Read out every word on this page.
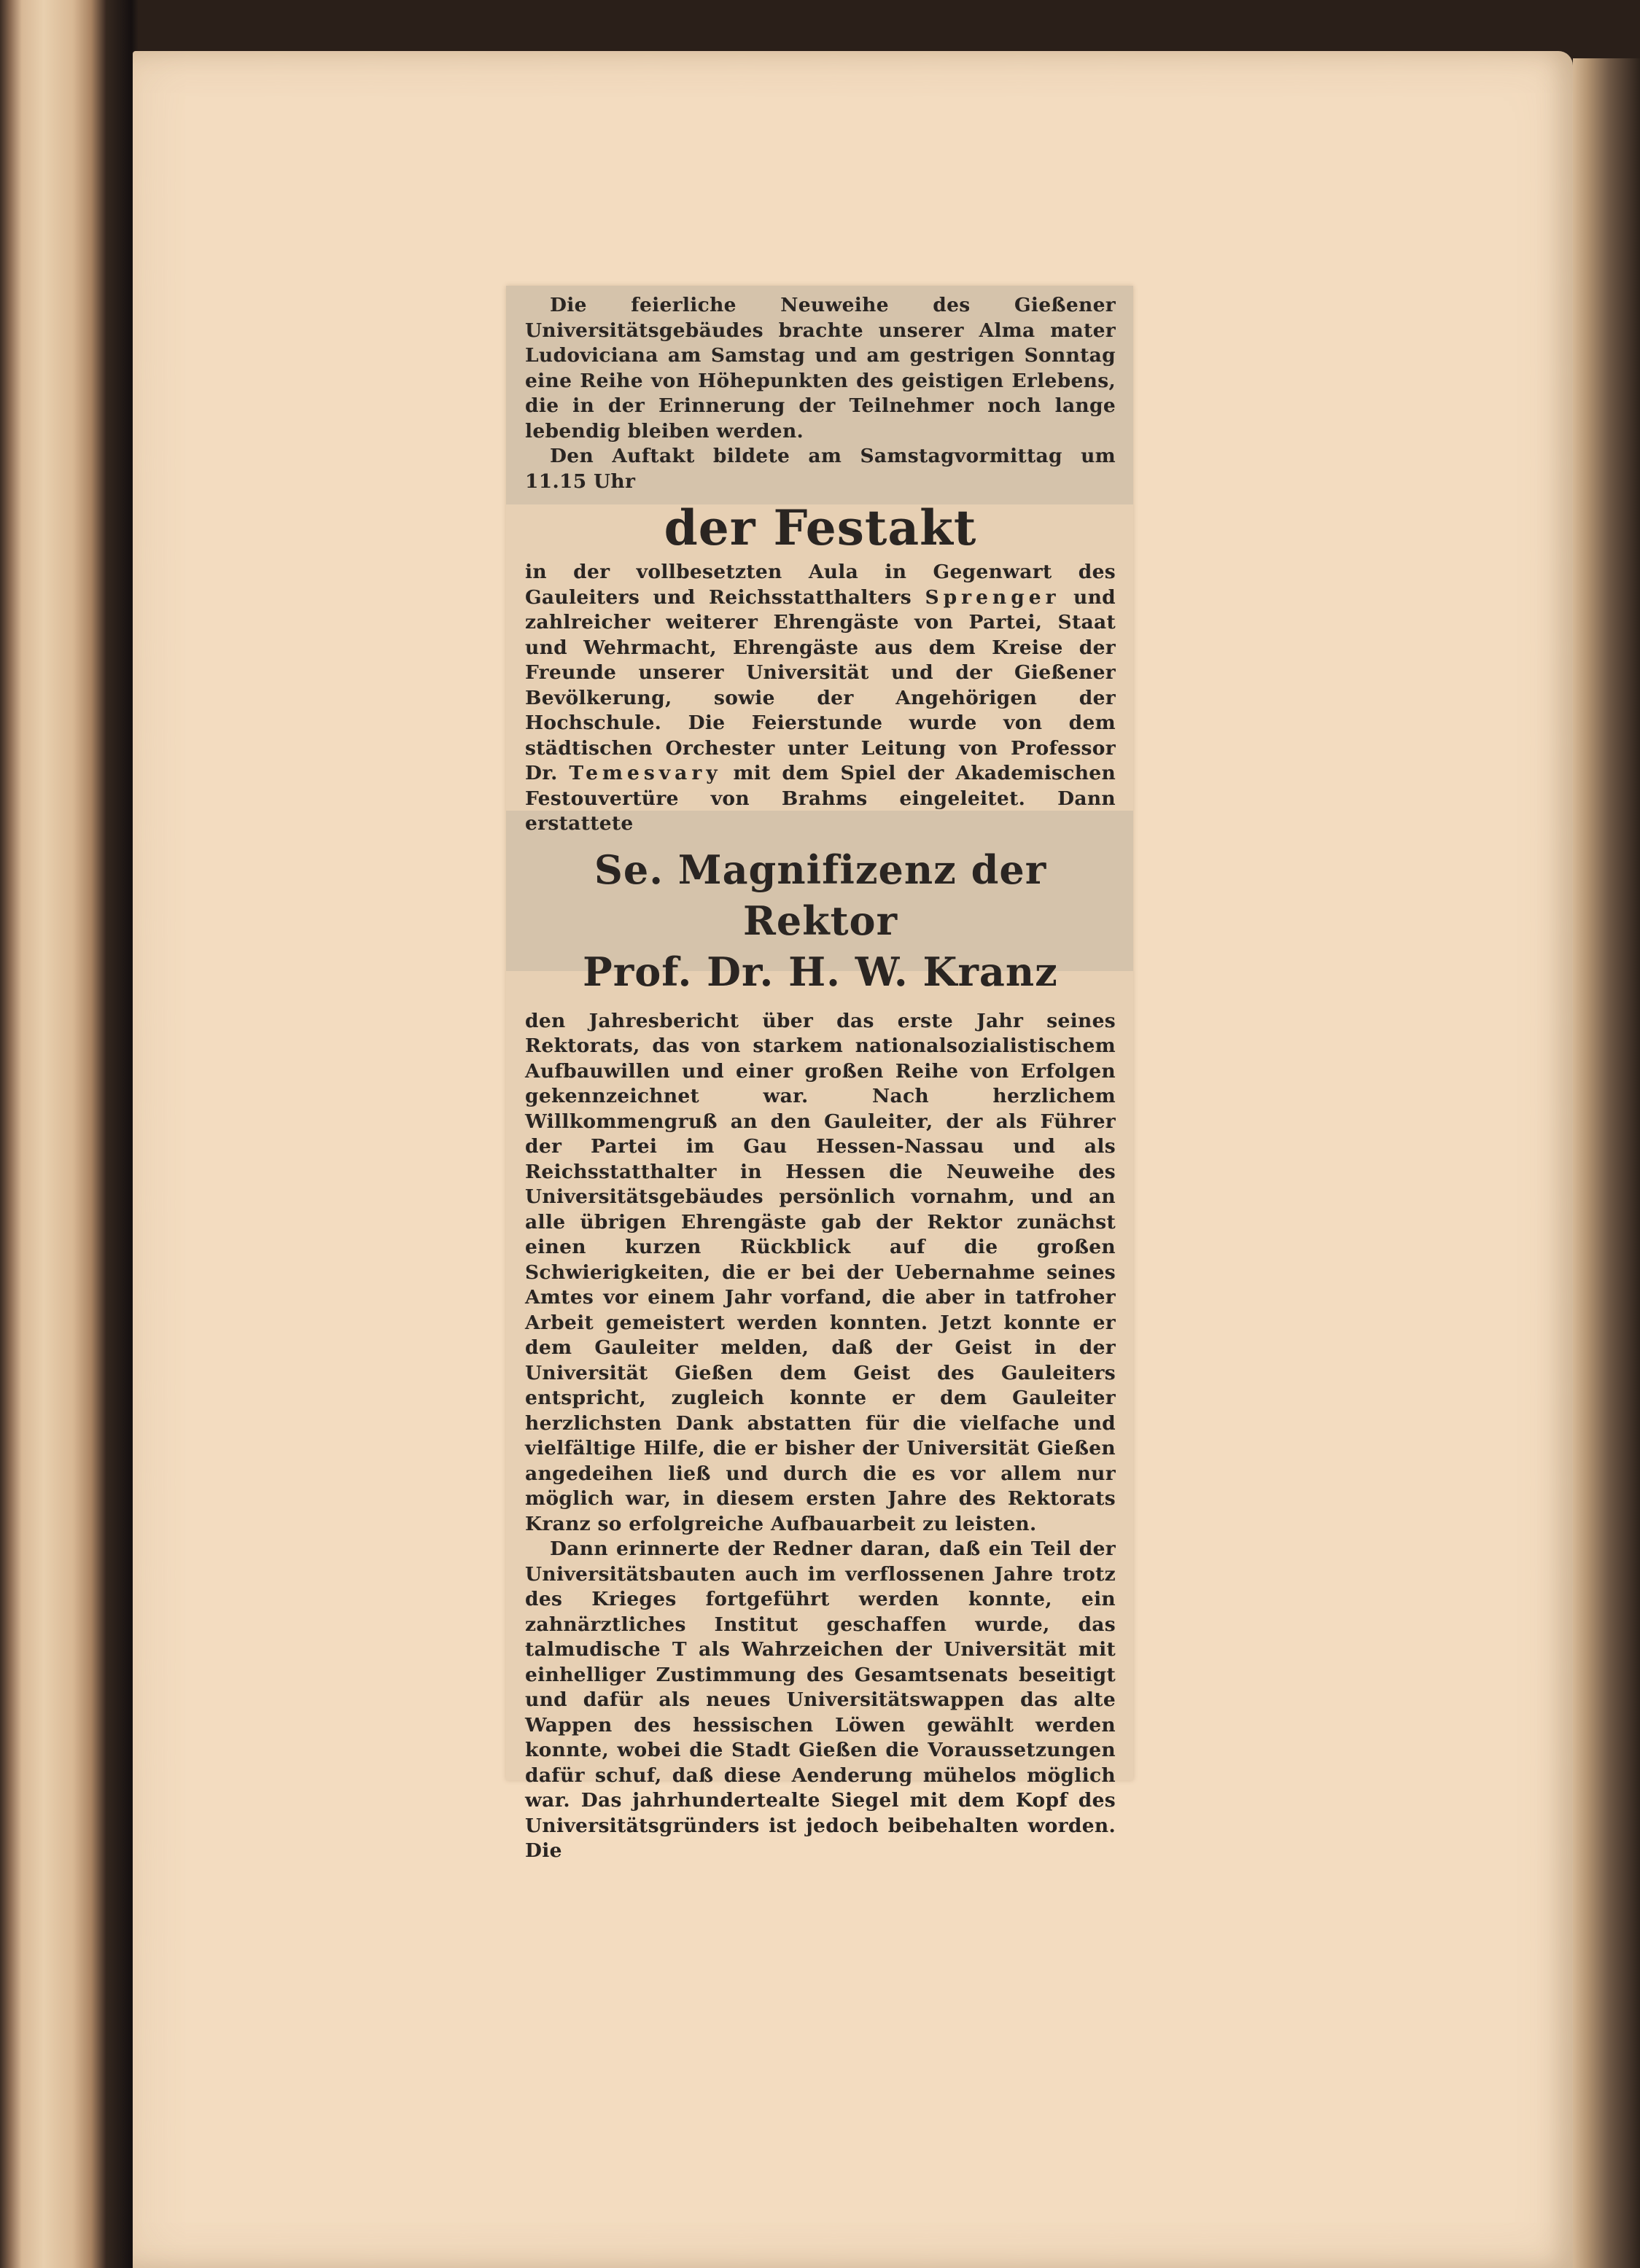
Die feierliche Neuweihe des Gießener Universitätsgebäudes brachte unserer Alma mater Ludoviciana am Samstag und am gestrigen Sonntag eine Reihe von Höhepunkten des geistigen Erlebens, die in der Erinnerung der Teilnehmer noch lange lebendig bleiben werden.

Den Auftakt bildete am Samstagvormittag um 11.15 Uhr

der Festakt

in der vollbesetzten Aula in Gegenwart des Gauleiters und Reichsstatthalters Sprenger und zahlreicher weiterer Ehrengäste von Partei, Staat und Wehrmacht, Ehrengäste aus dem Kreise der Freunde unserer Universität und der Gießener Bevölkerung, sowie der Angehörigen der Hochschule. Die Feierstunde wurde von dem städtischen Orchester unter Leitung von Professor Dr. Temesvary mit dem Spiel der Akademischen Festouvertüre von Brahms eingeleitet. Dann erstattete

Se. Magnifizenz der Rektor
Prof. Dr. H. W. Kranz

den Jahresbericht über das erste Jahr seines Rektorats, das von starkem nationalsozialistischem Aufbauwillen und einer großen Reihe von Erfolgen gekennzeichnet war. Nach herzlichem Willkommengruß an den Gauleiter, der als Führer der Partei im Gau Hessen-Nassau und als Reichsstatthalter in Hessen die Neuweihe des Universitätsgebäudes persönlich vornahm, und an alle übrigen Ehrengäste gab der Rektor zunächst einen kurzen Rückblick auf die großen Schwierigkeiten, die er bei der Uebernahme seines Amtes vor einem Jahr vorfand, die aber in tatfroher Arbeit gemeistert werden konnten. Jetzt konnte er dem Gauleiter melden, daß der Geist in der Universität Gießen dem Geist des Gauleiters entspricht, zugleich konnte er dem Gauleiter herzlichsten Dank abstatten für die vielfache und vielfältige Hilfe, die er bisher der Universität Gießen angedeihen ließ und durch die es vor allem nur möglich war, in diesem ersten Jahre des Rektorats Kranz so erfolgreiche Aufbauarbeit zu leisten.

Dann erinnerte der Redner daran, daß ein Teil der Universitätsbauten auch im verflossenen Jahre trotz des Krieges fortgeführt werden konnte, ein zahnärztliches Institut geschaffen wurde, das talmudische T als Wahrzeichen der Universität mit einhelliger Zustimmung des Gesamtsenats beseitigt und dafür als neues Universitätswappen das alte Wappen des hessischen Löwen gewählt werden konnte, wobei die Stadt Gießen die Voraussetzungen dafür schuf, daß diese Aenderung mühelos möglich war. Das jahrhundertealte Siegel mit dem Kopf des Universitätsgründers ist jedoch beibehalten worden. Die
